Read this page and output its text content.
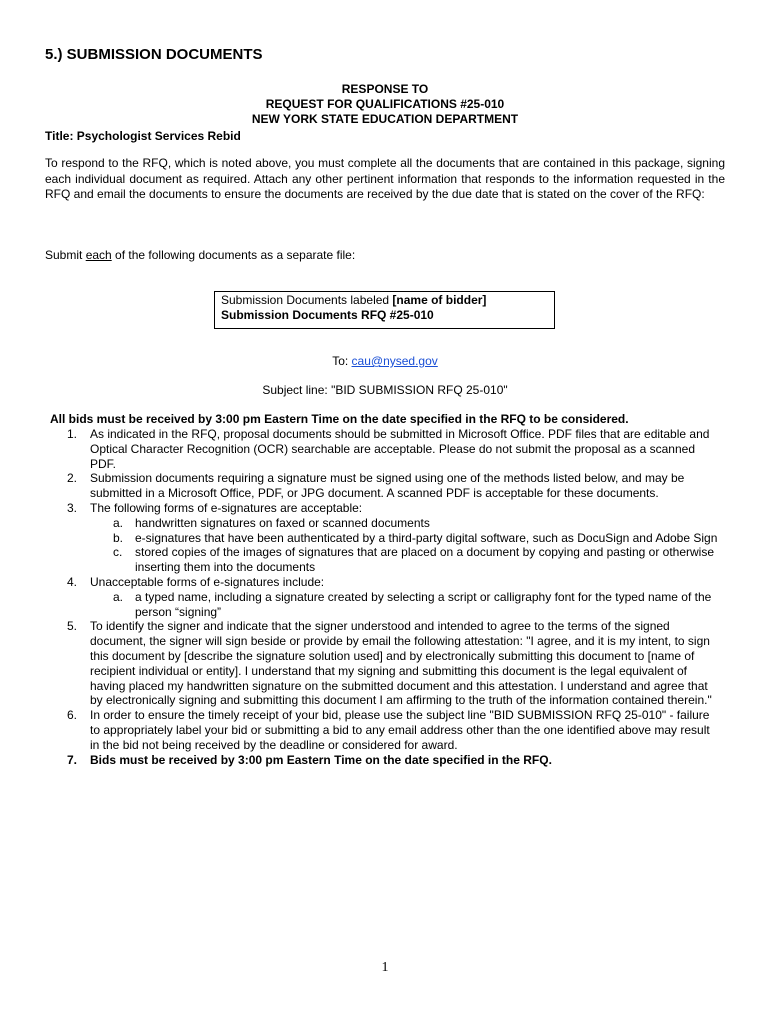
5.) SUBMISSION DOCUMENTS
RESPONSE TO
REQUEST FOR QUALIFICATIONS #25-010
NEW YORK STATE EDUCATION DEPARTMENT
Title: Psychologist Services Rebid
To respond to the RFQ, which is noted above, you must complete all the documents that are contained in this package, signing each individual document as required. Attach any other pertinent information that responds to the information requested in the RFQ and email the documents to ensure the documents are received by the due date that is stated on the cover of the RFQ:
Submit each of the following documents as a separate file:
Submission Documents labeled [name of bidder]
Submission Documents RFQ #25-010
To: cau@nysed.gov
Subject line: "BID SUBMISSION RFQ 25-010"
All bids must be received by 3:00 pm Eastern Time on the date specified in the RFQ to be considered.
1. As indicated in the RFQ, proposal documents should be submitted in Microsoft Office. PDF files that are editable and Optical Character Recognition (OCR) searchable are acceptable. Please do not submit the proposal as a scanned PDF.
2. Submission documents requiring a signature must be signed using one of the methods listed below, and may be submitted in a Microsoft Office, PDF, or JPG document. A scanned PDF is acceptable for these documents.
3. The following forms of e-signatures are acceptable:
a. handwritten signatures on faxed or scanned documents
b. e-signatures that have been authenticated by a third-party digital software, such as DocuSign and Adobe Sign
c. stored copies of the images of signatures that are placed on a document by copying and pasting or otherwise inserting them into the documents
4. Unacceptable forms of e-signatures include:
a. a typed name, including a signature created by selecting a script or calligraphy font for the typed name of the person “signing”
5. To identify the signer and indicate that the signer understood and intended to agree to the terms of the signed document, the signer will sign beside or provide by email the following attestation: "I agree, and it is my intent, to sign this document by [describe the signature solution used] and by electronically submitting this document to [name of recipient individual or entity]. I understand that my signing and submitting this document is the legal equivalent of having placed my handwritten signature on the submitted document and this attestation. I understand and agree that by electronically signing and submitting this document I am affirming to the truth of the information contained therein."
6. In order to ensure the timely receipt of your bid, please use the subject line "BID SUBMISSION RFQ 25-010" - failure to appropriately label your bid or submitting a bid to any email address other than the one identified above may result in the bid not being received by the deadline or considered for award.
7. Bids must be received by 3:00 pm Eastern Time on the date specified in the RFQ.
1
